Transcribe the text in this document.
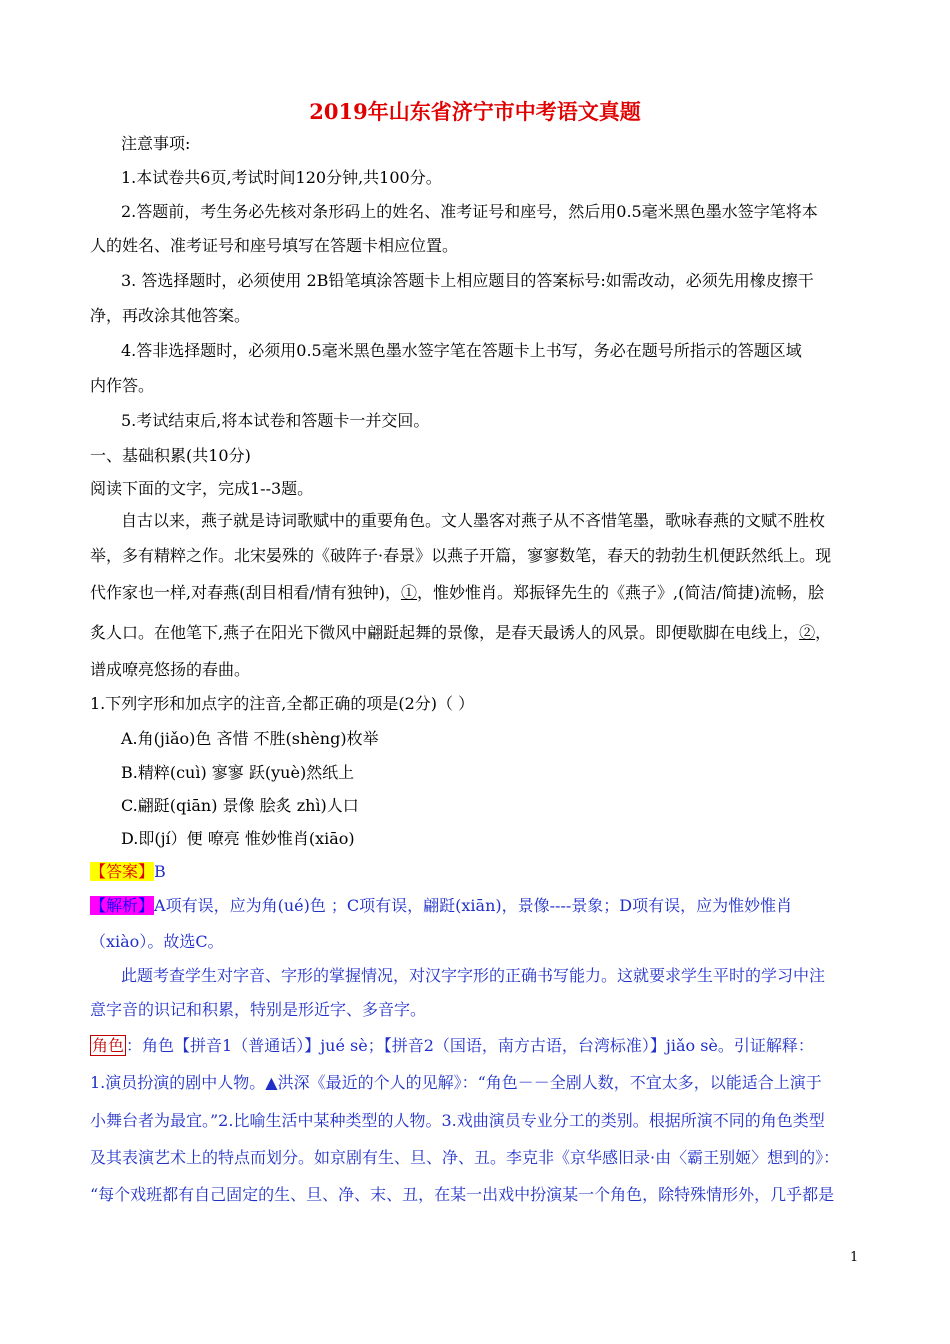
2019年山东省济宁市中考语文真题
注意事项:
1.本试卷共6页,考试时间120分钟,共100分。
2.答题前，考生务必先核对条形码上的姓名、准考证号和座号，然后用0.5毫米黑色墨水签字笔将本
人的姓名、准考证号和座号填写在答题卡相应位置。
3. 答选择题时，必须使用 2B铅笔填涂答题卡上相应题目的答案标号:如需改动，必须先用橡皮擦干
净，再改涂其他答案。
4.答非选择题时，必须用0.5毫米黑色墨水签字笔在答题卡上书写，务必在题号所指示的答题区域
内作答。
5.考试结束后,将本试卷和答题卡一并交回。
一、基础积累(共10分)
阅读下面的文字，完成1--3题。
自古以来，燕子就是诗词歌赋中的重要角色。文人墨客对燕子从不吝惜笔墨，歌咏春燕的文赋不胜枚
举，多有精粹之作。北宋晏殊的《破阵子·春景》以燕子开篇，寥寥数笔，春天的勃勃生机便跃然纸上。现
代作家也一样,对春燕(刮目相看/情有独钟)，①，惟妙惟肖。郑振铎先生的《燕子》,(简洁/简捷)流畅，脍
炙人口。在他笔下,燕子在阳光下微风中翩跹起舞的景像，是春天最诱人的风景。即便歇脚在电线上，②，
谱成嘹亮悠扬的春曲。
1.下列字形和加点字的注音,全都正确的项是(2分)（ ）
A.角(jiǎo)色 吝惜 不胜(shèng)枚举
B.精粹(cuì) 寥寥 跃(yuè)然纸上
C.翩跹(qiān) 景像 脍炙 zhì)人口
D.即(jí）便 嘹亮 惟妙惟肖(xiāo)
【答案】B
【解析】A项有误，应为角(ué)色 ；C项有误，翩跹(xiān)，景像----景象；D项有误，应为惟妙惟肖
（xiào）。故选C。
此题考查学生对字音、字形的掌握情况，对汉字字形的正确书写能力。这就要求学生平时的学习中注
意字音的识记和积累，特别是形近字、多音字。
角色 ：角色【拼音1（普通话）】jué sè；【拼音2（国语，南方古语，台湾标准）】jiǎo sè。引证解释：
1.演员扮演的剧中人物。▲洪深《最近的个人的见解》：“角色－－全剧人数，不宜太多，以能适合上演于
小舞台者为最宜。”2.比喻生活中某种类型的人物。3.戏曲演员专业分工的类别。根据所演不同的角色类型
及其表演艺术上的特点而划分。如京剧有生、旦、净、丑。李克非《京华感旧录·由〈霸王别姬〉想到的》：
“每个戏班都有自己固定的生、旦、净、末、丑，在某一出戏中扮演某一个角色，除特殊情形外，几乎都是
1
